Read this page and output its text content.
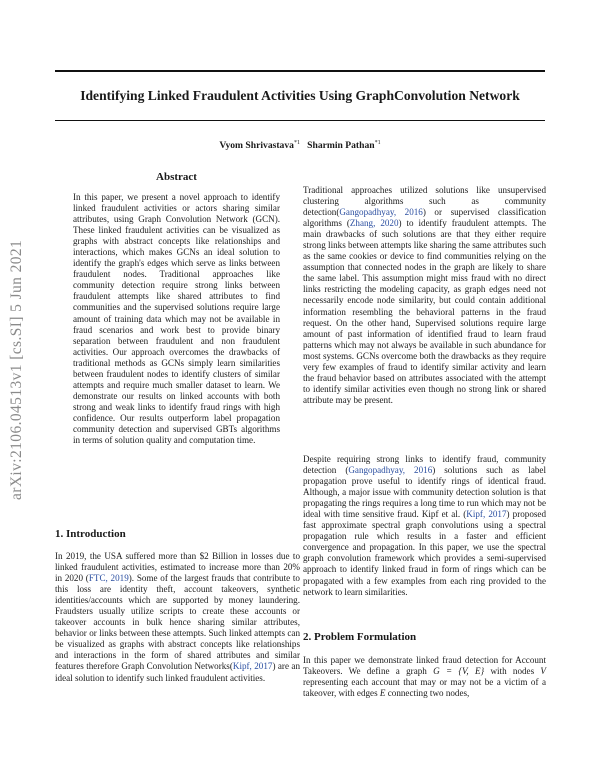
Identifying Linked Fraudulent Activities Using GraphConvolution Network
Vyom Shrivastava$^{*1}$ Sharmin Pathan$^{*1}$
arXiv:2106.04513v1 [cs.SI] 5 Jun 2021
Abstract
In this paper, we present a novel approach to identify linked fraudulent activities or actors sharing similar attributes, using Graph Convolution Network (GCN). These linked fraudulent activities can be visualized as graphs with abstract concepts like relationships and interactions, which makes GCNs an ideal solution to identify the graph's edges which serve as links between fraudulent nodes. Traditional approaches like community detection require strong links between fraudulent attempts like shared attributes to find communities and the supervised solutions require large amount of training data which may not be available in fraud scenarios and work best to provide binary separation between fraudulent and non fraudulent activities. Our approach overcomes the drawbacks of traditional methods as GCNs simply learn similarities between fraudulent nodes to identify clusters of similar attempts and require much smaller dataset to learn. We demonstrate our results on linked accounts with both strong and weak links to identify fraud rings with high confidence. Our results outperform label propagation community detection and supervised GBTs algorithms in terms of solution quality and computation time.
1. Introduction

In 2019, the USA suffered more than $2 Billion in losses due to linked fraudulent activities, estimated to increase more than 20% in 2020 (FTC, 2019). Some of the largest frauds that contribute to this loss are identity theft, account takeovers, synthetic identities/accounts which are supported by money laundering. Fraudsters usually utilize scripts to create these accounts or takeover accounts in bulk hence sharing similar attributes, behavior or links between these attempts. Such linked attempts can be visualized as graphs with abstract concepts like relationships and interactions in the form of shared attributes and similar features therefore Graph Convolution Networks(Kipf, 2017) are an ideal solution to identify such linked fraudulent activities.

Traditional approaches utilized solutions like unsupervised clustering algorithms such as community detection(Gangopadhyay, 2016) or supervised classification algorithms (Zhang, 2020) to identify fraudulent attempts. The main drawbacks of such solutions are that they either require strong links between attempts like sharing the same attributes such as the same cookies or device to find communities relying on the assumption that connected nodes in the graph are likely to share the same label. This assumption might miss fraud with no direct links restricting the modeling capacity, as graph edges need not necessarily encode node similarity, but could contain additional information resembling the behavioral patterns in the fraud request. On the other hand, Supervised solutions require large amount of past information of identified fraud to learn fraud patterns which may not always be available in such abundance for most systems. GCNs overcome both the drawbacks as they require very few examples of fraud to identify similar activity and learn the fraud behavior based on attributes associated with the attempt to identify similar activities even though no strong link or shared attribute may be present.

Despite requiring strong links to identify fraud, community detection (Gangopadhyay, 2016) solutions such as label propagation prove useful to identify rings of identical fraud. Although, a major issue with community detection solution is that propagating the rings requires a long time to run which may not be ideal with time sensitive fraud. Kipf et al. (Kipf, 2017) proposed fast approximate spectral graph convolutions using a spectral propagation rule which results in a faster and efficient convergence and propagation. In this paper, we use the spectral graph convolution framework which provides a semi-supervised approach to identify linked fraud in form of rings which can be propagated with a few examples from each ring provided to the network to learn similarities.

2. Problem Formulation

In this paper we demonstrate linked fraud detection for Account Takeovers. We define a graph G = {V, E} with nodes V representing each account that may or may not be a victim of a takeover, with edges E connecting two nodes,
